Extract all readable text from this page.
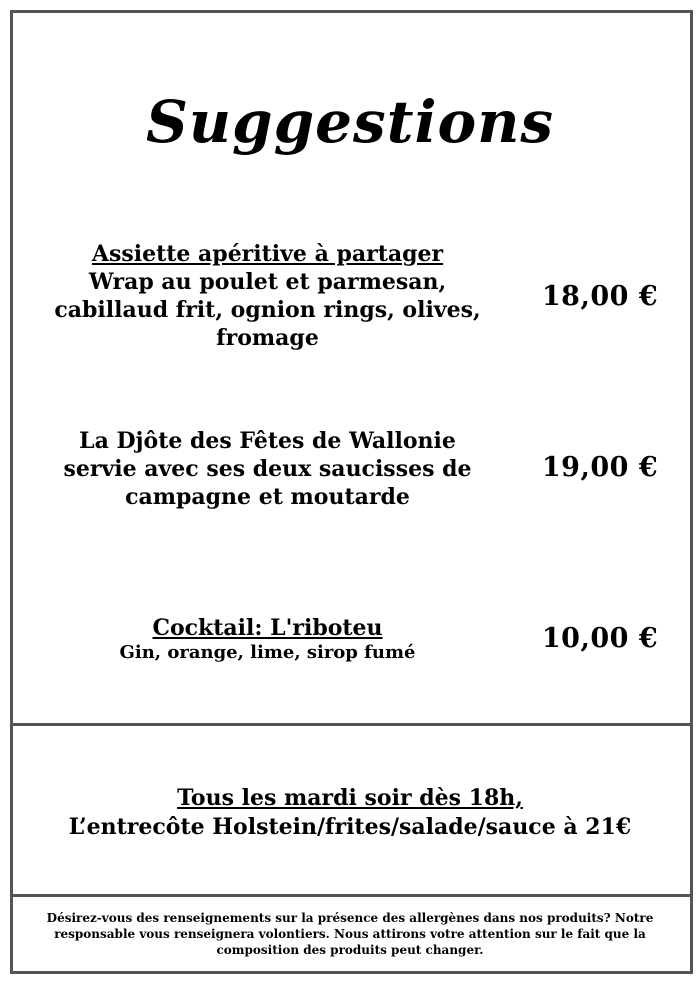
Suggestions
Assiette apéritive à partager
Wrap au poulet et parmesan, cabillaud frit, ognion rings, olives, fromage
18,00 €
La Djôte des Fêtes de Wallonie servie avec ses deux saucisses de campagne et moutarde
19,00 €
Cocktail: L'riboteu
Gin, orange, lime, sirop fumé	10,00 €
Tous les mardi soir dès 18h,
L’entrecôte Holstein/frites/salade/sauce à 21€
Désirez-vous des renseignements sur la présence des allergènes dans nos produits? Notre responsable vous renseignera volontiers. Nous attirons votre attention sur le fait que la composition des produits peut changer.
